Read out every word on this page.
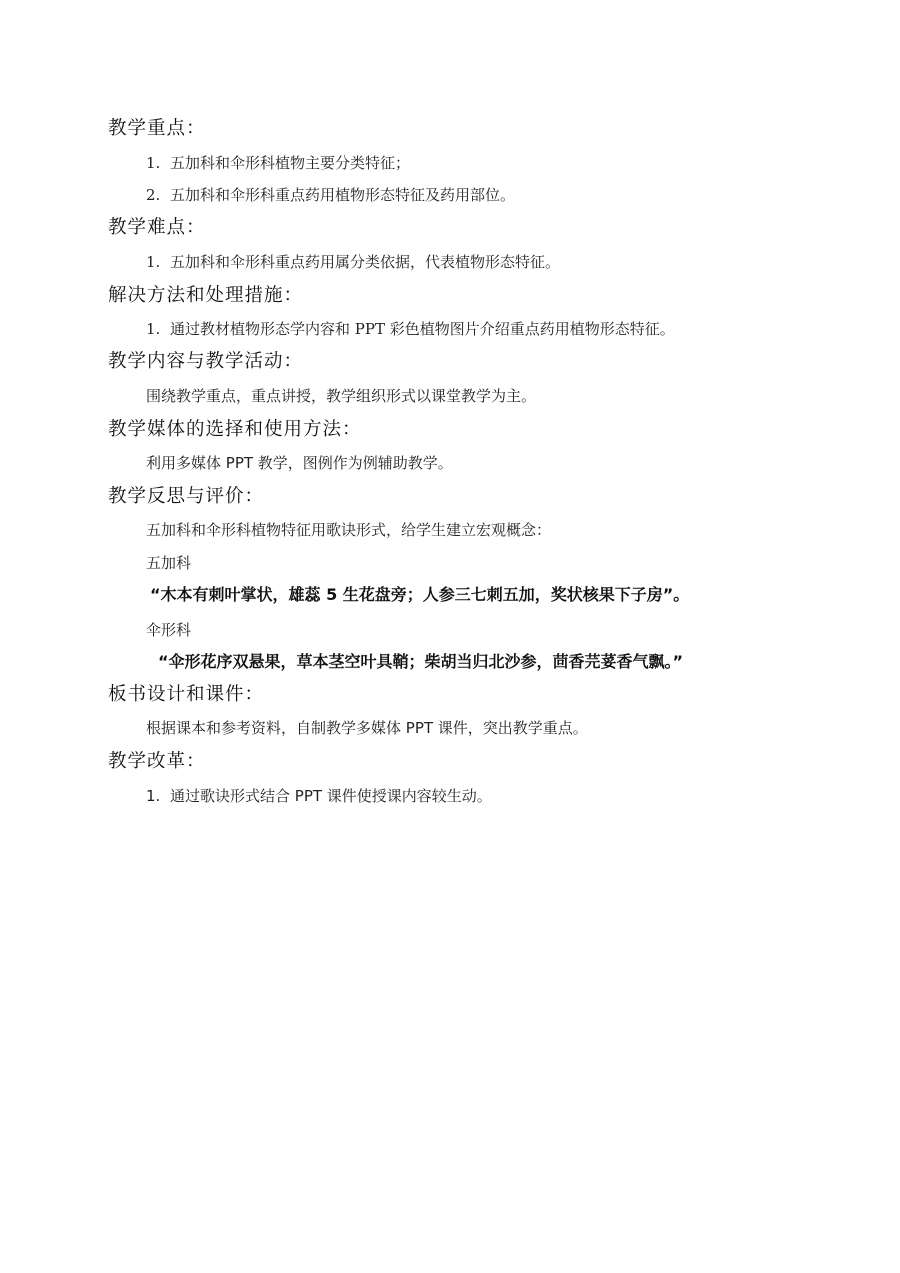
教学重点：
1. 五加科和伞形科植物主要分类特征；
2. 五加科和伞形科重点药用植物形态特征及药用部位。
教学难点：
1. 五加科和伞形科重点药用属分类依据，代表植物形态特征。
解决方法和处理措施：
1. 通过教材植物形态学内容和 PPT 彩色植物图片介绍重点药用植物形态特征。
教学内容与教学活动：
围绕教学重点，重点讲授，教学组织形式以课堂教学为主。
教学媒体的选择和使用方法：
利用多媒体 PPT 教学，图例作为例辅助教学。
教学反思与评价：
五加科和伞形科植物特征用歌诀形式，给学生建立宏观概念：
五加科
“木本有刺叶掌状，雄蕊 5 生花盘旁；人参三七刺五加，奖状核果下子房”。
伞形科
“伞形花序双悬果，草本茎空叶具鞘；柴胡当归北沙参，茴香芫荽香气飘。”
板书设计和课件：
根据课本和参考资料，自制教学多媒体 PPT 课件，突出教学重点。
教学改革：
1. 通过歌诀形式结合 PPT 课件使授课内容较生动。
